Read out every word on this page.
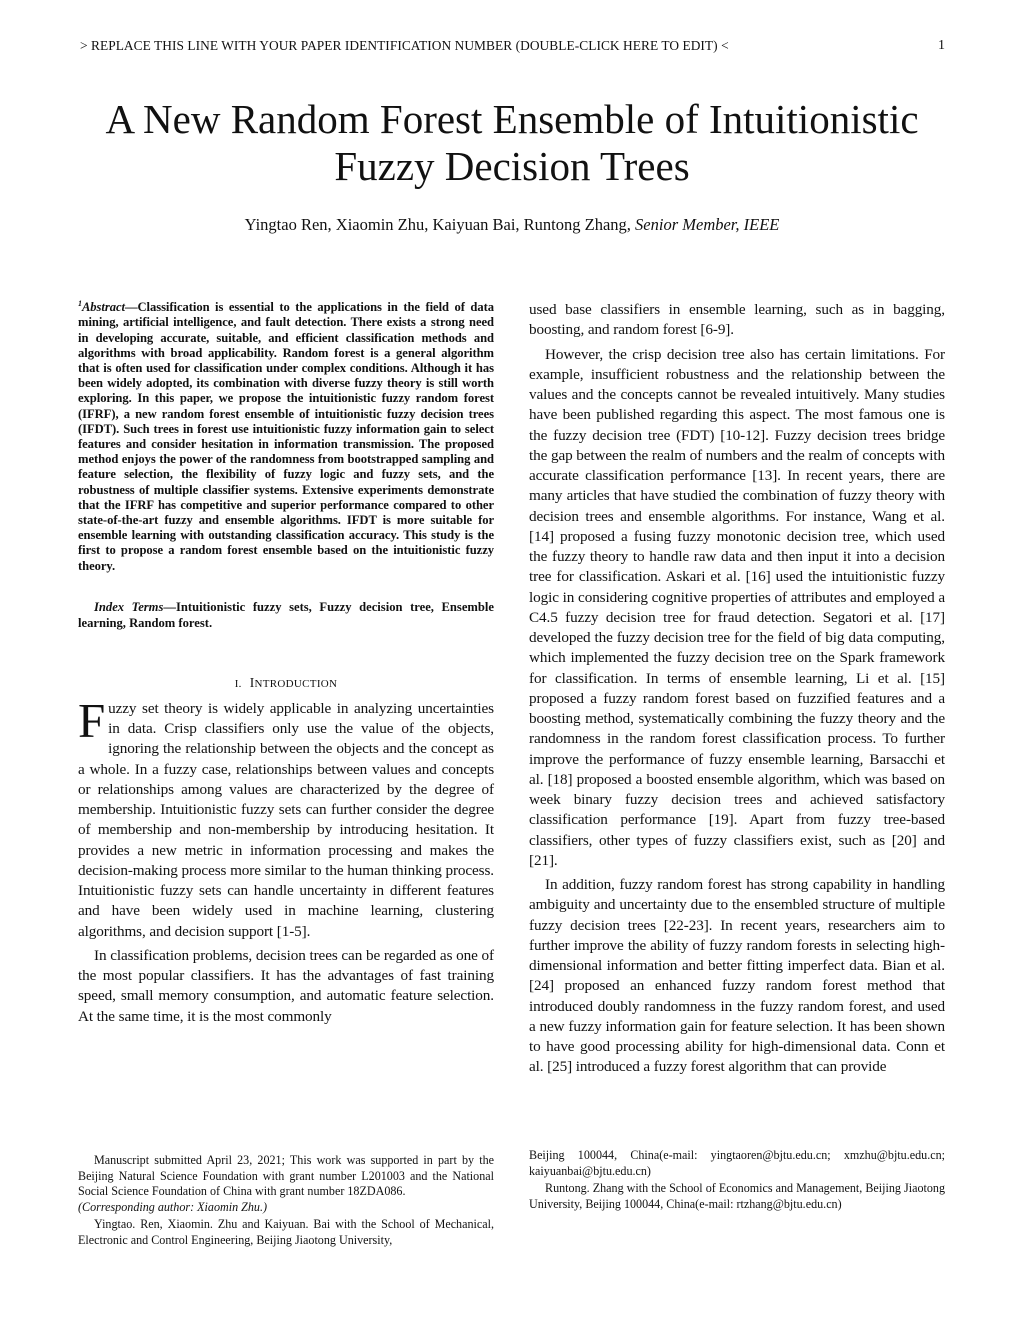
> REPLACE THIS LINE WITH YOUR PAPER IDENTIFICATION NUMBER (DOUBLE-CLICK HERE TO EDIT) <	1
A New Random Forest Ensemble of Intuitionistic
Fuzzy Decision Trees
Yingtao Ren, Xiaomin Zhu, Kaiyuan Bai, Runtong Zhang, Senior Member, IEEE

$^1$Abstract—Classification is essential to the applications in the field of data mining, artificial intelligence, and fault detection. There exists a strong need in developing accurate, suitable, and efficient classification methods and algorithms with broad applicability. Random forest is a general algorithm that is often used for classification under complex conditions. Although it has been widely adopted, its combination with diverse fuzzy theory is still worth exploring. In this paper, we propose the intuitionistic fuzzy random forest (IFRF), a new random forest ensemble of intuitionistic fuzzy decision trees (IFDT). Such trees in forest use intuitionistic fuzzy information gain to select features and consider hesitation in information transmission. The proposed method enjoys the power of the randomness from bootstrapped sampling and feature selection, the flexibility of fuzzy logic and fuzzy sets, and the robustness of multiple classifier systems. Extensive experiments demonstrate that the IFRF has competitive and superior performance compared to other state-of-the-art fuzzy and ensemble algorithms. IFDT is more suitable for ensemble learning with outstanding classification accuracy. This study is the first to propose a random forest ensemble based on the intuitionistic fuzzy theory.

Index Terms—Intuitionistic fuzzy sets, Fuzzy decision tree, Ensemble learning, Random forest.

I. INTRODUCTION

Fuzzy set theory is widely applicable in analyzing uncertainties in data. Crisp classifiers only use the value of the objects, ignoring the relationship between the objects and the concept as a whole. In a fuzzy case, relationships between values and concepts or relationships among values are characterized by the degree of membership. Intuitionistic fuzzy sets can further consider the degree of membership and non-membership by introducing hesitation. It provides a new metric in information processing and makes the decision-making process more similar to the human thinking process. Intuitionistic fuzzy sets can handle uncertainty in different features and have been widely used in machine learning, clustering algorithms, and decision support [1-5].

In classification problems, decision trees can be regarded as one of the most popular classifiers. It has the advantages of fast training speed, small memory consumption, and automatic feature selection. At the same time, it is the most commonly

used base classifiers in ensemble learning, such as in bagging, boosting, and random forest [6-9].

However, the crisp decision tree also has certain limitations. For example, insufficient robustness and the relationship between the values and the concepts cannot be revealed intuitively. Many studies have been published regarding this aspect. The most famous one is the fuzzy decision tree (FDT) [10-12]. Fuzzy decision trees bridge the gap between the realm of numbers and the realm of concepts with accurate classification performance [13]. In recent years, there are many articles that have studied the combination of fuzzy theory with decision trees and ensemble algorithms. For instance, Wang et al. [14] proposed a fusing fuzzy monotonic decision tree, which used the fuzzy theory to handle raw data and then input it into a decision tree for classification. Askari et al. [16] used the intuitionistic fuzzy logic in considering cognitive properties of attributes and employed a C4.5 fuzzy decision tree for fraud detection. Segatori et al. [17] developed the fuzzy decision tree for the field of big data computing, which implemented the fuzzy decision tree on the Spark framework for classification. In terms of ensemble learning, Li et al. [15] proposed a fuzzy random forest based on fuzzified features and a boosting method, systematically combining the fuzzy theory and the randomness in the random forest classification process. To further improve the performance of fuzzy ensemble learning, Barsacchi et al. [18] proposed a boosted ensemble algorithm, which was based on week binary fuzzy decision trees and achieved satisfactory classification performance [19]. Apart from fuzzy tree-based classifiers, other types of fuzzy classifiers exist, such as [20] and [21].

In addition, fuzzy random forest has strong capability in handling ambiguity and uncertainty due to the ensembled structure of multiple fuzzy decision trees [22-23]. In recent years, researchers aim to further improve the ability of fuzzy random forests in selecting high-dimensional information and better fitting imperfect data. Bian et al. [24] proposed an enhanced fuzzy random forest method that introduced doubly randomness in the fuzzy random forest, and used a new fuzzy information gain for feature selection. It has been shown to have good processing ability for high-dimensional data. Conn et al. [25] introduced a fuzzy forest algorithm that can provide

Manuscript submitted April 23, 2021; This work was supported in part by the Beijing Natural Science Foundation with grant number L201003 and the National Social Science Foundation of China with grant number 18ZDA086.
(Corresponding author: Xiaomin Zhu.)

Yingtao. Ren, Xiaomin. Zhu and Kaiyuan. Bai with the School of Mechanical, Electronic and Control Engineering, Beijing Jiaotong University,

Beijing 100044, China(e-mail: yingtaoren@bjtu.edu.cn; xmzhu@bjtu.edu.cn; kaiyuanbai@bjtu.edu.cn)

Runtong. Zhang with the School of Economics and Management, Beijing Jiaotong University, Beijing 100044, China(e-mail: rtzhang@bjtu.edu.cn)
